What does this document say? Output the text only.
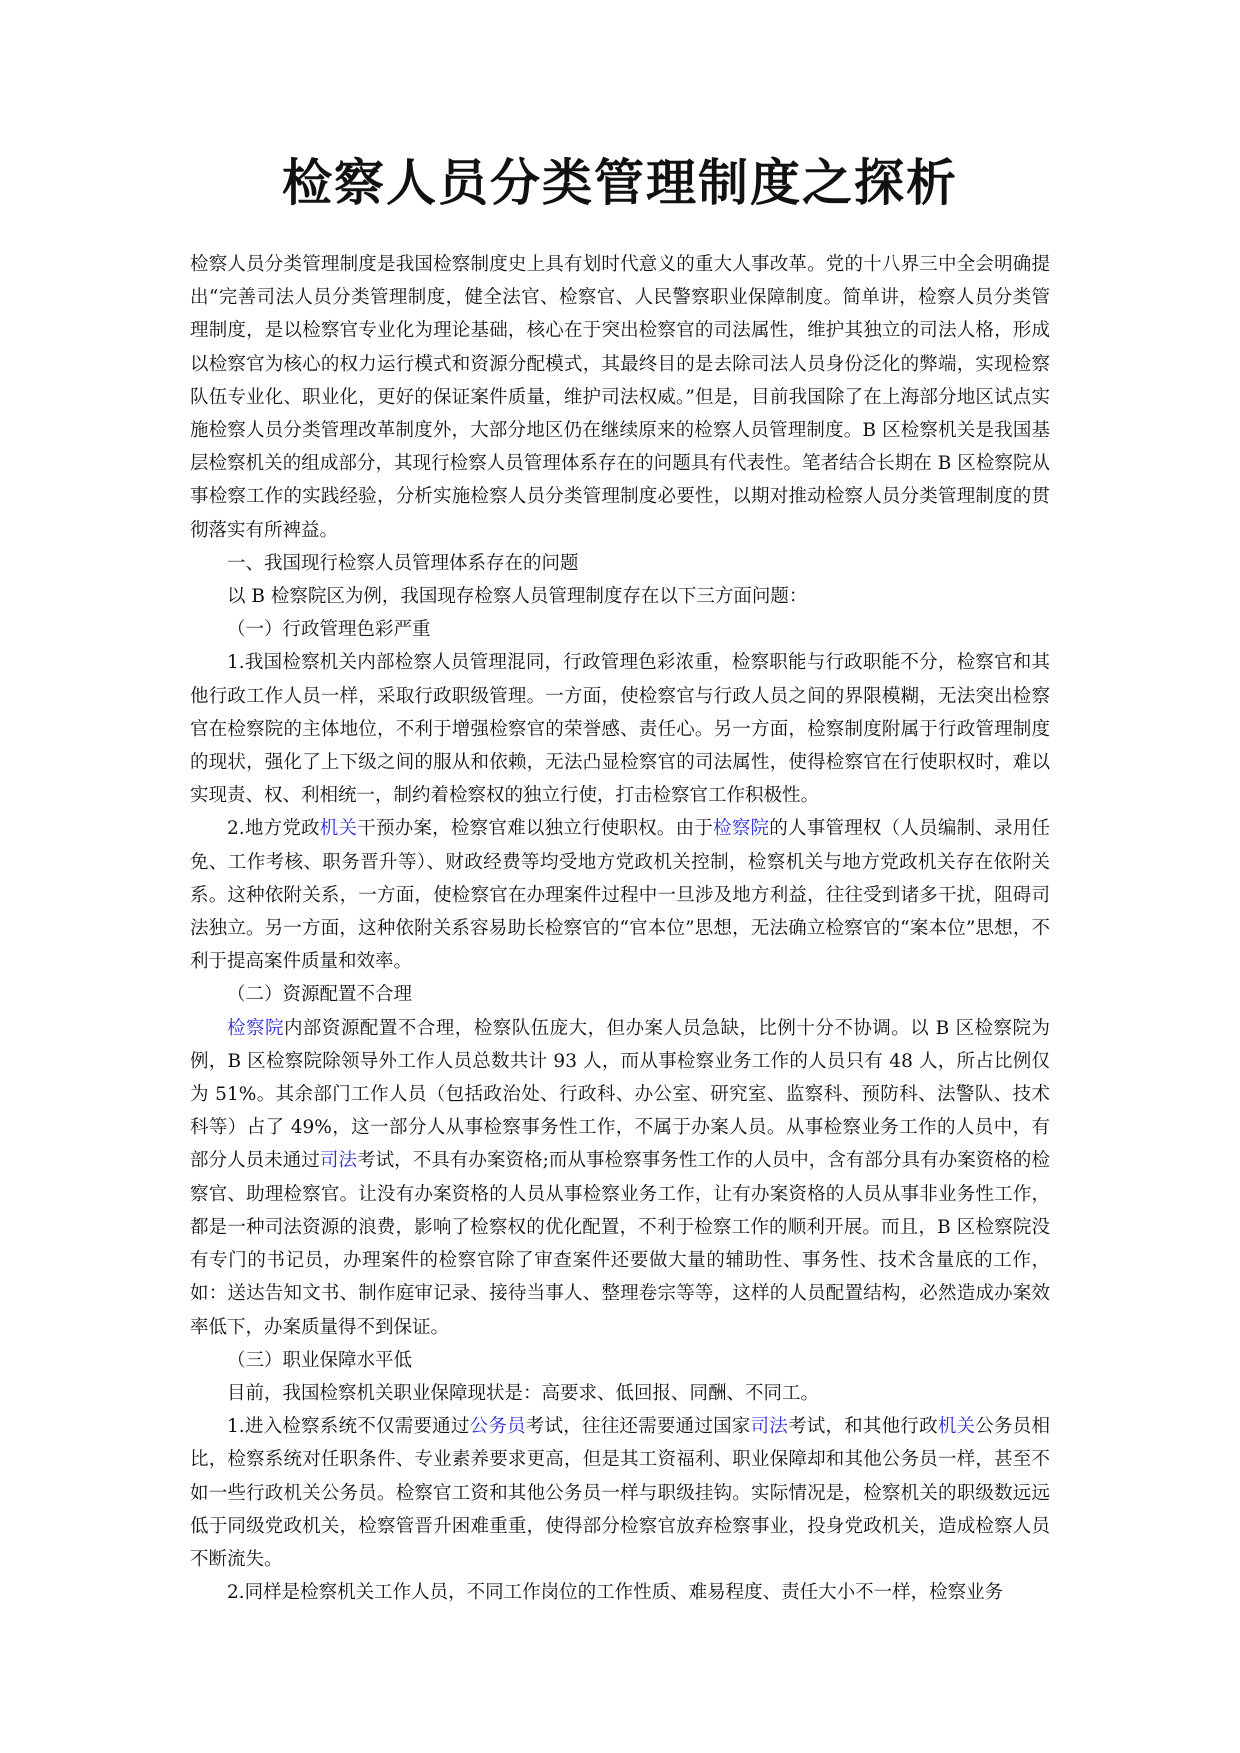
检察人员分类管理制度之探析

检察人员分类管理制度是我国检察制度史上具有划时代意义的重大人事改革。党的十八界三中全会明确提出“完善司法人员分类管理制度，健全法官、检察官、人民警察职业保障制度。简单讲，检察人员分类管理制度，是以检察官专业化为理论基础，核心在于突出检察官的司法属性，维护其独立的司法人格，形成以检察官为核心的权力运行模式和资源分配模式，其最终目的是去除司法人员身份泛化的弊端，实现检察队伍专业化、职业化，更好的保证案件质量，维护司法权威。”但是，目前我国除了在上海部分地区试点实施检察人员分类管理改革制度外，大部分地区仍在继续原来的检察人员管理制度。B 区检察机关是我国基层检察机关的组成部分，其现行检察人员管理体系存在的问题具有代表性。笔者结合长期在 B 区检察院从事检察工作的实践经验，分析实施检察人员分类管理制度必要性，以期对推动检察人员分类管理制度的贯彻落实有所裨益。

一、我国现行检察人员管理体系存在的问题

以 B 检察院区为例，我国现存检察人员管理制度存在以下三方面问题：

（一）行政管理色彩严重

1.我国检察机关内部检察人员管理混同，行政管理色彩浓重，检察职能与行政职能不分，检察官和其他行政工作人员一样，采取行政职级管理。一方面，使检察官与行政人员之间的界限模糊，无法突出检察官在检察院的主体地位，不利于增强检察官的荣誉感、责任心。另一方面，检察制度附属于行政管理制度的现状，强化了上下级之间的服从和依赖，无法凸显检察官的司法属性，使得检察官在行使职权时，难以实现责、权、利相统一，制约着检察权的独立行使，打击检察官工作积极性。

2.地方党政机关干预办案，检察官难以独立行使职权。由于检察院的人事管理权（人员编制、录用任免、工作考核、职务晋升等）、财政经费等均受地方党政机关控制，检察机关与地方党政机关存在依附关系。这种依附关系，一方面，使检察官在办理案件过程中一旦涉及地方利益，往往受到诸多干扰，阻碍司法独立。另一方面，这种依附关系容易助长检察官的“官本位”思想，无法确立检察官的“案本位”思想，不利于提高案件质量和效率。

（二）资源配置不合理

检察院内部资源配置不合理，检察队伍庞大，但办案人员急缺，比例十分不协调。以 B 区检察院为例，B 区检察院除领导外工作人员总数共计 93 人，而从事检察业务工作的人员只有 48 人，所占比例仅为 51%。其余部门工作人员（包括政治处、行政科、办公室、研究室、监察科、预防科、法警队、技术科等）占了 49%，这一部分人从事检察事务性工作，不属于办案人员。从事检察业务工作的人员中，有部分人员未通过司法考试，不具有办案资格;而从事检察事务性工作的人员中，含有部分具有办案资格的检察官、助理检察官。让没有办案资格的人员从事检察业务工作，让有办案资格的人员从事非业务性工作，都是一种司法资源的浪费，影响了检察权的优化配置，不利于检察工作的顺利开展。而且，B 区检察院没有专门的书记员，办理案件的检察官除了审查案件还要做大量的辅助性、事务性、技术含量底的工作，如：送达告知文书、制作庭审记录、接待当事人、整理卷宗等等，这样的人员配置结构，必然造成办案效率低下，办案质量得不到保证。

（三）职业保障水平低

目前，我国检察机关职业保障现状是：高要求、低回报、同酬、不同工。

1.进入检察系统不仅需要通过公务员考试，往往还需要通过国家司法考试，和其他行政机关公务员相比，检察系统对任职条件、专业素养要求更高，但是其工资福利、职业保障却和其他公务员一样，甚至不如一些行政机关公务员。检察官工资和其他公务员一样与职级挂钩。实际情况是，检察机关的职级数远远低于同级党政机关，检察管晋升困难重重，使得部分检察官放弃检察事业，投身党政机关，造成检察人员不断流失。

2.同样是检察机关工作人员，不同工作岗位的工作性质、难易程度、责任大小不一样，检察业务
